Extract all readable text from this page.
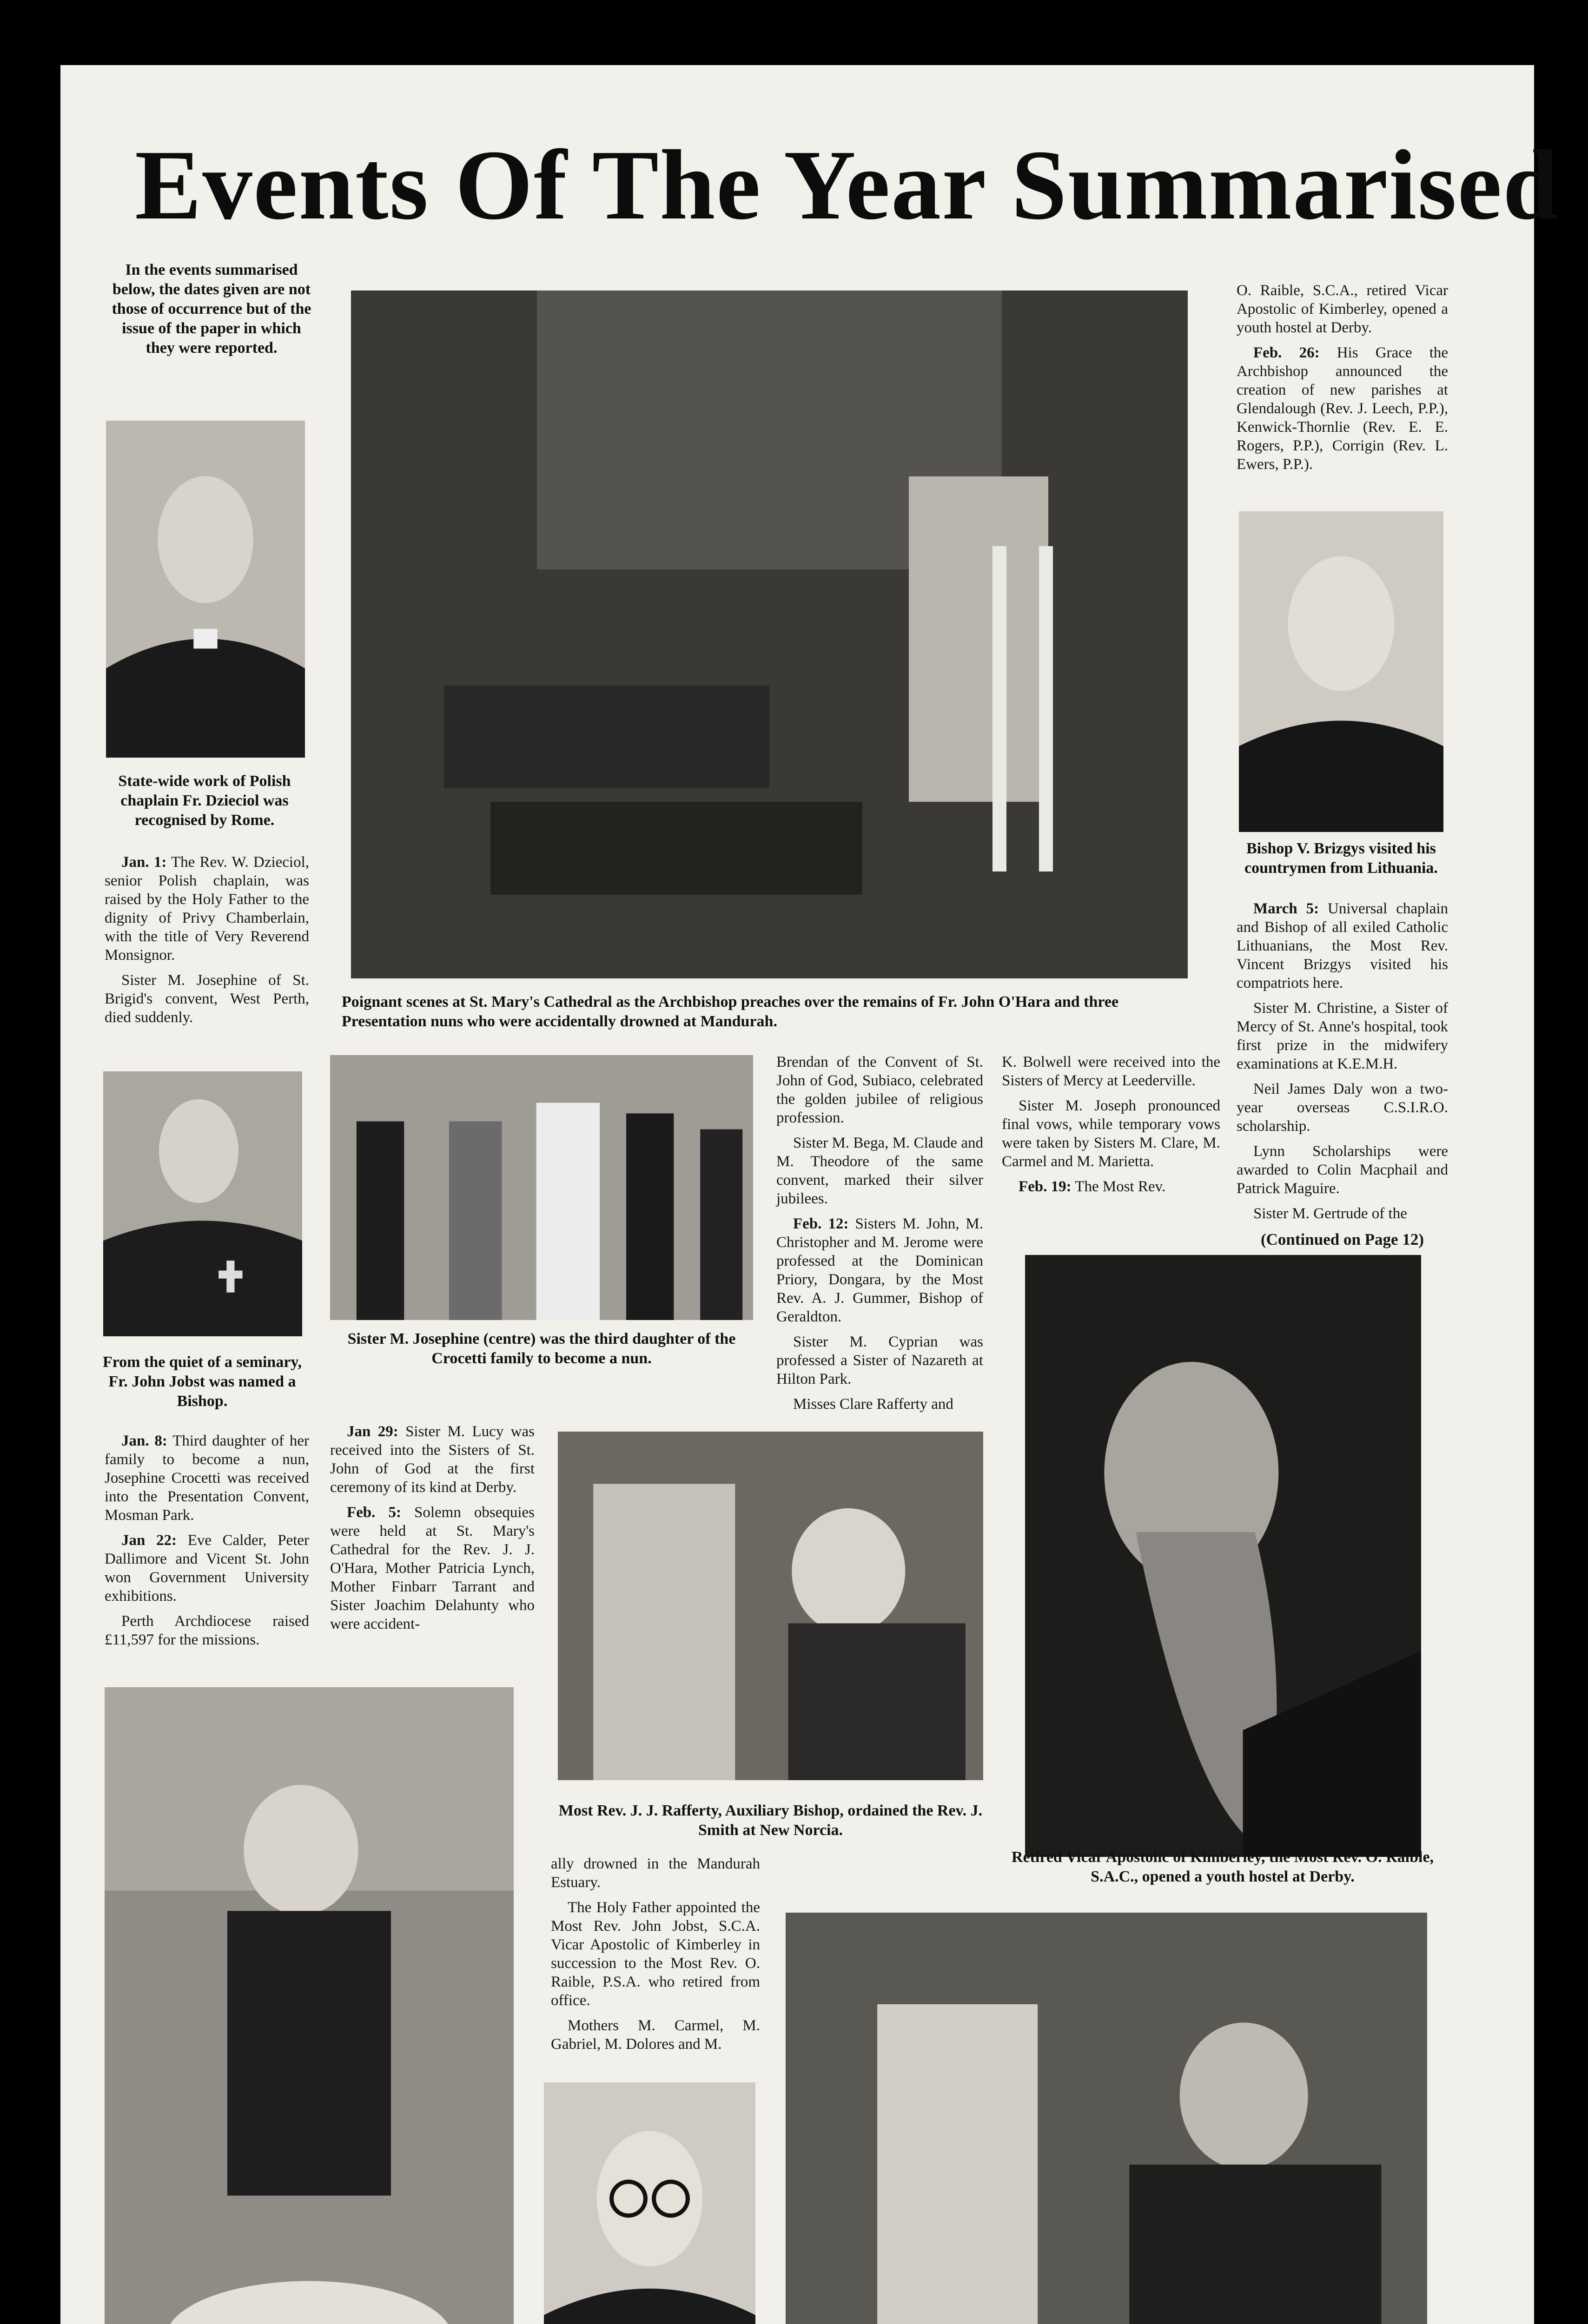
Events Of The Year Summarised
In the events summarised below, the dates given are not those of occurrence but of the issue of the paper in which they were reported.
State-wide work of Polish chaplain Fr. Dzieciol was recognised by Rome.
Poignant scenes at St. Mary's Cathedral as the Archbishop preaches over the remains of Fr. John O'Hara and three Presentation nuns who were accidentally drowned at Mandurah.
Bishop V. Brizgys visited his countrymen from Lithuania.
Sister M. Josephine (centre) was the third daughter of the Crocetti family to become a nun.
From the quiet of a seminary, Fr. John Jobst was named a Bishop.
Most Rev. J. J. Rafferty, Auxiliary Bishop, ordained the Rev. J. Smith at New Norcia.
Retired Vicar Apostolic of Kimberley, the Most Rev. O. Raible, S.A.C., opened a youth hostel at Derby.

Jan. 1: The Rev. W. Dzieciol, senior Polish chaplain, was raised by the Holy Father to the dignity of Privy Chamberlain, with the title of Very Reverend Monsignor.

Sister M. Josephine of St. Brigid's convent, West Perth, died suddenly.

Jan. 8: Third daughter of her family to become a nun, Josephine Crocetti was received into the Presentation Convent, Mosman Park.

Jan 22: Eve Calder, Peter Dallimore and Vicent St. John won Government University exhibitions.

Perth Archdiocese raised £11,597 for the missions.

Jan 29: Sister M. Lucy was received into the Sisters of St. John of God at the first ceremony of its kind at Derby.

Feb. 5: Solemn obsequies were held at St. Mary's Cathedral for the Rev. J. J. O'Hara, Mother Patricia Lynch, Mother Finbarr Tarrant and Sister Joachim Delahunty who were accident-

Brendan of the Convent of St. John of God, Subiaco, celebrated the golden jubilee of religious profession.

Sister M. Bega, M. Claude and M. Theodore of the same convent, marked their silver jubilees.

Feb. 12: Sisters M. John, M. Christopher and M. Jerome were professed at the Dominican Priory, Dongara, by the Most Rev. A. J. Gummer, Bishop of Geraldton.

Sister M. Cyprian was professed a Sister of Nazareth at Hilton Park.

Misses Clare Rafferty and

K. Bolwell were received into the Sisters of Mercy at Leederville.

Sister M. Joseph pronounced final vows, while temporary vows were taken by Sisters M. Clare, M. Carmel and M. Marietta.

Feb. 19: The Most Rev.

ally drowned in the Mandurah Estuary.

The Holy Father appointed the Most Rev. John Jobst, S.C.A. Vicar Apostolic of Kimberley in succession to the Most Rev. O. Raible, P.S.A. who retired from office.

Mothers M. Carmel, M. Gabriel, M. Dolores and M.

O. Raible, S.C.A., retired Vicar Apostolic of Kimberley, opened a youth hostel at Derby.

Feb. 26: His Grace the Archbishop announced the creation of new parishes at Glendalough (Rev. J. Leech, P.P.), Kenwick-Thornlie (Rev. E. E. Rogers, P.P.), Corrigin (Rev. L. Ewers, P.P.).

March 5: Universal chaplain and Bishop of all exiled Catholic Lithuanians, the Most Rev. Vincent Brizgys visited his compatriots here.

Sister M. Christine, a Sister of Mercy of St. Anne's hospital, took first prize in the midwifery examinations at K.E.M.H.

Neil James Daly won a two-year overseas C.S.I.R.O. scholarship.

Lynn Scholarships were awarded to Colin Macphail and Patrick Maguire.

Sister M. Gertrude of the

(Continued on Page 12)
